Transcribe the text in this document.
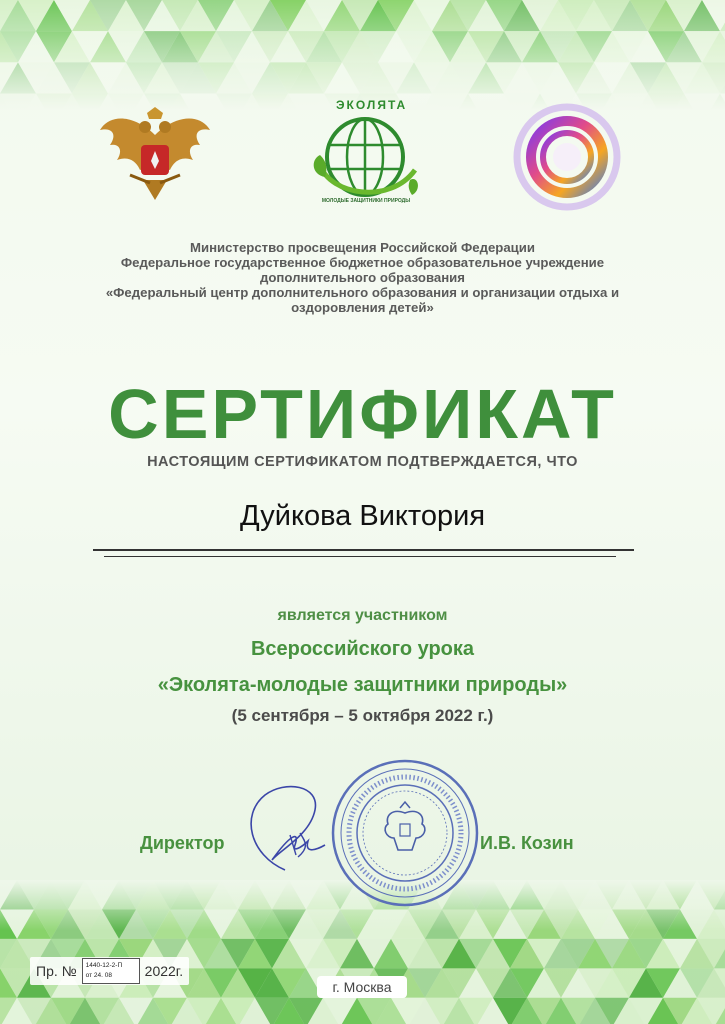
ЭКОЛЯТА
МОЛОДЫЕ ЗАЩИТНИКИ ПРИРОДЫ
Министерство просвещения Российской Федерации
Федеральное государственное бюджетное образовательное учреждение
дополнительного образования
«Федеральный центр дополнительного образования и организации отдыха и
оздоровления детей»
СЕРТИФИКАТ
НАСТОЯЩИМ СЕРТИФИКАТОМ ПОДТВЕРЖДАЕТСЯ, ЧТО
Дуйкова Виктория
является участником
Всероссийского урока
«Эколята-молодые защитники природы»
(5 сентября – 5 октября 2022 г.)
Директор	И.В. Козин
Пр. № 1440-12-2-П
от 24. 08	2022г.
г. Москва
